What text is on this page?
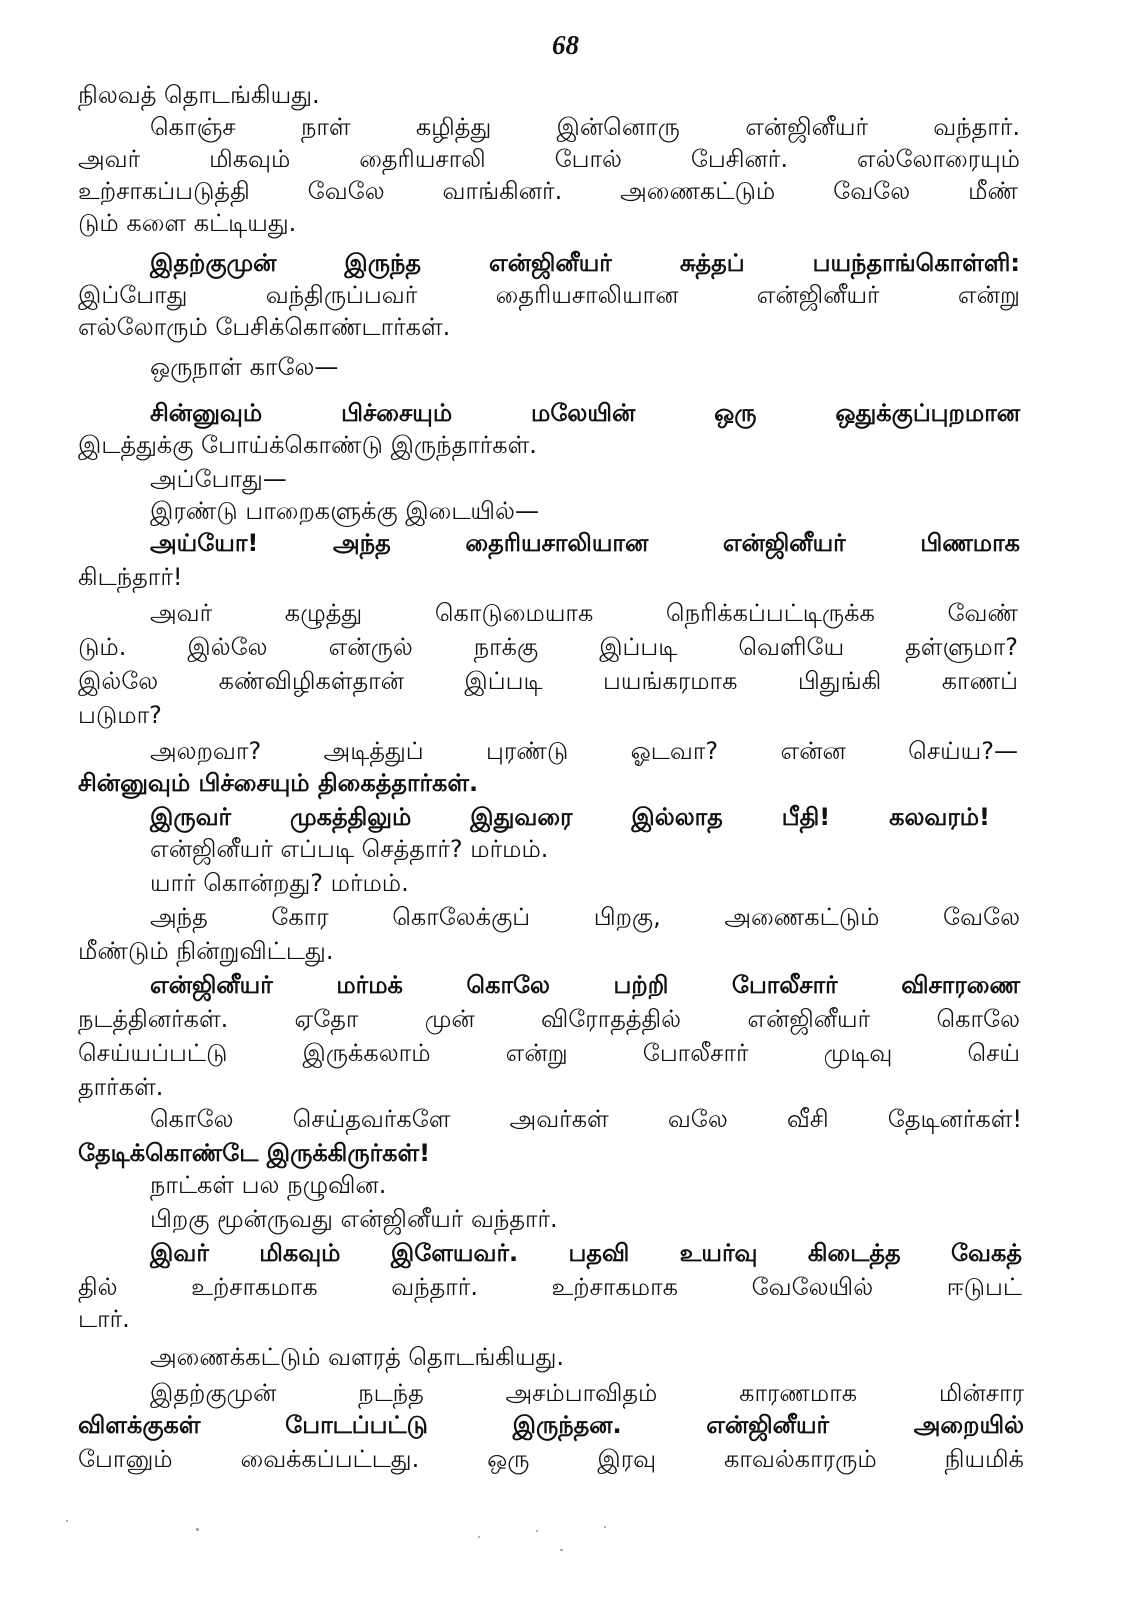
68
நிலவத் தொடங்கியது.
கொஞ்ச நாள் கழித்து இன்னொரு என்ஜினீயர் வந்தார்.
அவர் மிகவும் தைரியசாலி போல் பேசினர். எல்லோரையும்
உற்சாகப்படுத்தி வேலே வாங்கினர். அணைகட்டும் வேலே மீண்
டும் களை கட்டியது.
இதற்குமுன் இருந்த என்ஜினீயர் சுத்தப் பயந்தாங்கொள்ளி:
இப்போது வந்திருப்பவர் தைரியசாலியான என்ஜினீயர் என்று
எல்லோரும் பேசிக்கொண்டார்கள்.
ஒருநாள் காலே—
சின்னுவும் பிச்சையும் மலேயின் ஒரு ஒதுக்குப்புறமான
இடத்துக்கு போய்க்கொண்டு இருந்தார்கள்.
அப்போது—
இரண்டு பாறைகளுக்கு இடையில்—
அய்யோ! அந்த தைரியசாலியான என்ஜினீயர் பிணமாக
கிடந்தார்!
அவர் கழுத்து கொடுமையாக நெரிக்கப்பட்டிருக்க வேண்
டும். இல்லே என்ருல் நாக்கு இப்படி வெளியே தள்ளுமா?
இல்லே கண்விழிகள்தான் இப்படி பயங்கரமாக பிதுங்கி காணப்
படுமா?
அலறவா? அடித்துப் புரண்டு ஓடவா? என்ன செய்ய?—
சின்னுவும் பிச்சையும் திகைத்தார்கள்.
இருவர் முகத்திலும் இதுவரை இல்லாத பீதி! கலவரம்!
என்ஜினீயர் எப்படி செத்தார்? மர்மம்.
யார் கொன்றது? மர்மம்.
அந்த கோர கொலேக்குப் பிறகு, அணைகட்டும் வேலே
மீண்டும் நின்றுவிட்டது.
என்ஜினீயர் மர்மக் கொலே பற்றி போலீசார் விசாரணை
நடத்தினர்கள். ஏதோ முன் விரோதத்தில் என்ஜினீயர் கொலே
செய்யப்பட்டு இருக்கலாம் என்று போலீசார் முடிவு செய்
தார்கள்.
கொலே செய்தவர்களே அவர்கள் வலே வீசி தேடினர்கள்!
தேடிக்கொண்டே இருக்கிருர்கள்!
நாட்கள் பல நழுவின.
பிறகு மூன்ருவது என்ஜினீயர் வந்தார்.
இவர் மிகவும் இளேயவர். பதவி உயர்வு கிடைத்த வேகத்
தில் உற்சாகமாக வந்தார். உற்சாகமாக வேலேயில் ஈடுபட்
டார்.
அணைக்கட்டும் வளரத் தொடங்கியது.
இதற்குமுன் நடந்த அசம்பாவிதம் காரணமாக மின்சார
விளக்குகள் போடப்பட்டு இருந்தன. என்ஜினீயர் அறையில்
போனும் வைக்கப்பட்டது. ஒரு இரவு காவல்காரரும் நியமிக்
